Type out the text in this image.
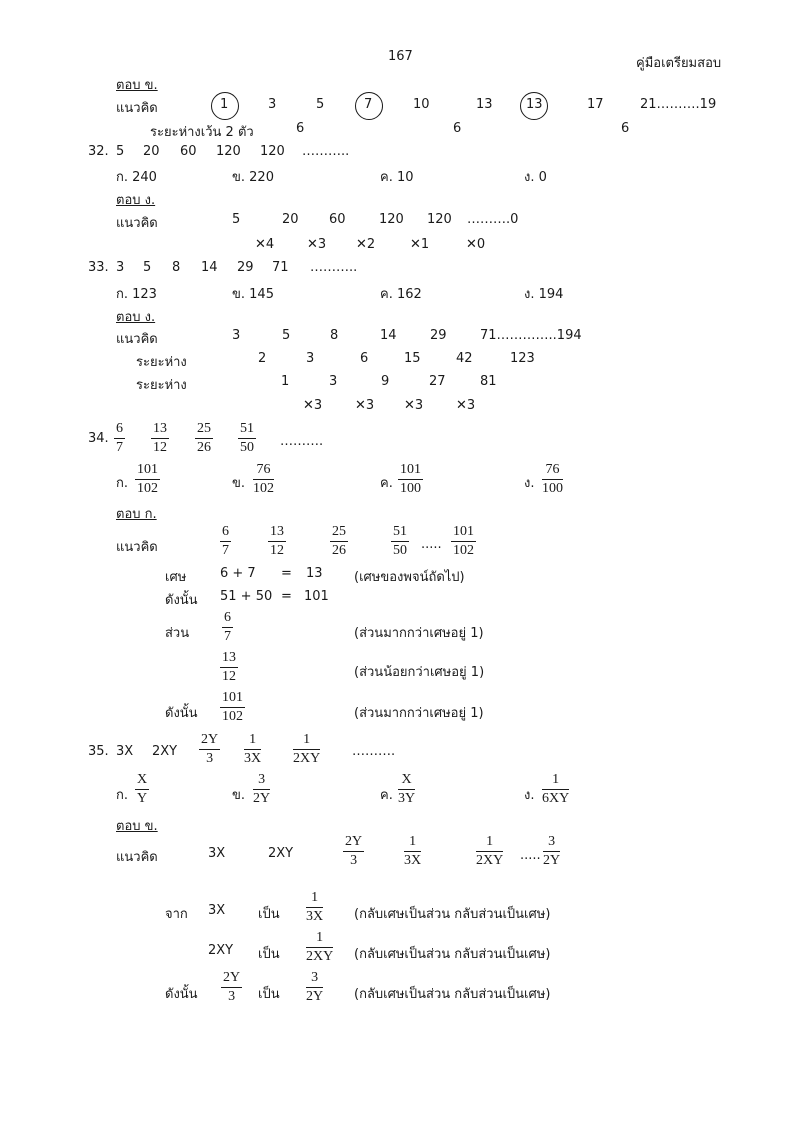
167	คู่มือเตรียมสอบ
ตอบ ข.
แนวคิด	1	3	5	7	10	13	13	17	21……….19
ระยะห่างเว้น 2 ตัว	6	6	6
32. 5 20 60 120 120 ………..
ก. 240	ข. 220	ค. 10	ง. 0
ตอบ ง.
แนวคิด	5	20 60	120 120 ……….0
✕4	✕3 ✕2	✕1	✕0
33. 3 5 8 14 29 71 ………..
ก. 123	ข. 145	ค. 162	ง. 194
ตอบ ง.
แนวคิด	3	5	8	14	29	71…………..194
ระยะห่าง	2	3	6	15	42	123
ระยะห่าง	1	3	9	27	81
✕3	✕3 ✕3	✕3
34. $\frac{6}{7} \frac{13}{12} \frac{25}{26} \frac{51}{50}$ ……….
ก. $\frac{101}{102}$	ข. $\frac{76}{102}$	ค. $\frac{101}{100}$	ง. $\frac{76}{100}$
ตอบ ก.
แนวคิด	$\frac{6}{7}$	$\frac{13}{12}$	$\frac{25}{26}$	$\frac{51}{50}$ ..... $\frac{101}{102}$
เศษ	6 + 7 = 13 (เศษของพจน์ถัดไป)
ดังนั้น 51 + 50 = 101
ส่วน $\frac{6}{7}$	(ส่วนมากกว่าเศษอยู่ 1)
$\frac{13}{12}$	(ส่วนน้อยกว่าเศษอยู่ 1)
ดังนั้น $\frac{101}{102}$	(ส่วนมากกว่าเศษอยู่ 1)
35. 3X $2XY \frac{2Y}{3} \frac{1}{3X} \frac{1}{2XY}$ ……….
ก. $\frac{X}{Y}$	ข. $\frac{3}{2Y}$	ค. $\frac{X}{3Y}$	ง. $\frac{1}{6XY}$
ตอบ ข.
แนวคิด	3X	2XY	$\frac{2Y}{3}$	$\frac{1}{3X}$	$\frac{1}{2XY}$ ..... $\frac{3}{2Y}$
จาก 3X	เป็น $\frac{1}{3X}$ (กลับเศษเป็นส่วน กลับส่วนเป็นเศษ)
2XY เป็น $\frac{1}{2XY}$ (กลับเศษเป็นส่วน กลับส่วนเป็นเศษ)
ดังนั้น $\frac{2Y}{3}$ เป็น $\frac{3}{2Y}$ (กลับเศษเป็นส่วน กลับส่วนเป็นเศษ)
